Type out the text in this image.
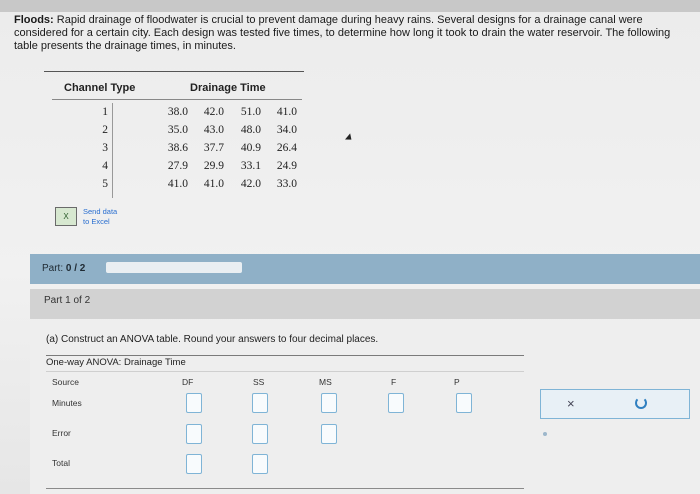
Floods: Rapid drainage of floodwater is crucial to prevent damage during heavy rains. Several designs for a drainage canal were considered for a certain city. Each design was tested five times, to determine how long it took to drain the water reservoir. The following table presents the drainage times, in minutes.
Channel Type	Drainage Time
1	38.0	42.0	51.0	41.0
2	35.0	43.0	48.0	34.0
3	38.6	37.7	40.9	26.4
4	27.9	29.9	33.1	24.9
5	41.0	41.0	42.0	33.0
X
Send data
to Excel
Part: 0 / 2
Part 1 of 2
(a) Construct an ANOVA table. Round your answers to four decimal places.
One-way ANOVA: Drainage Time
Source	DF	SS	MS	F	P
Minutes
Error
Total
×
